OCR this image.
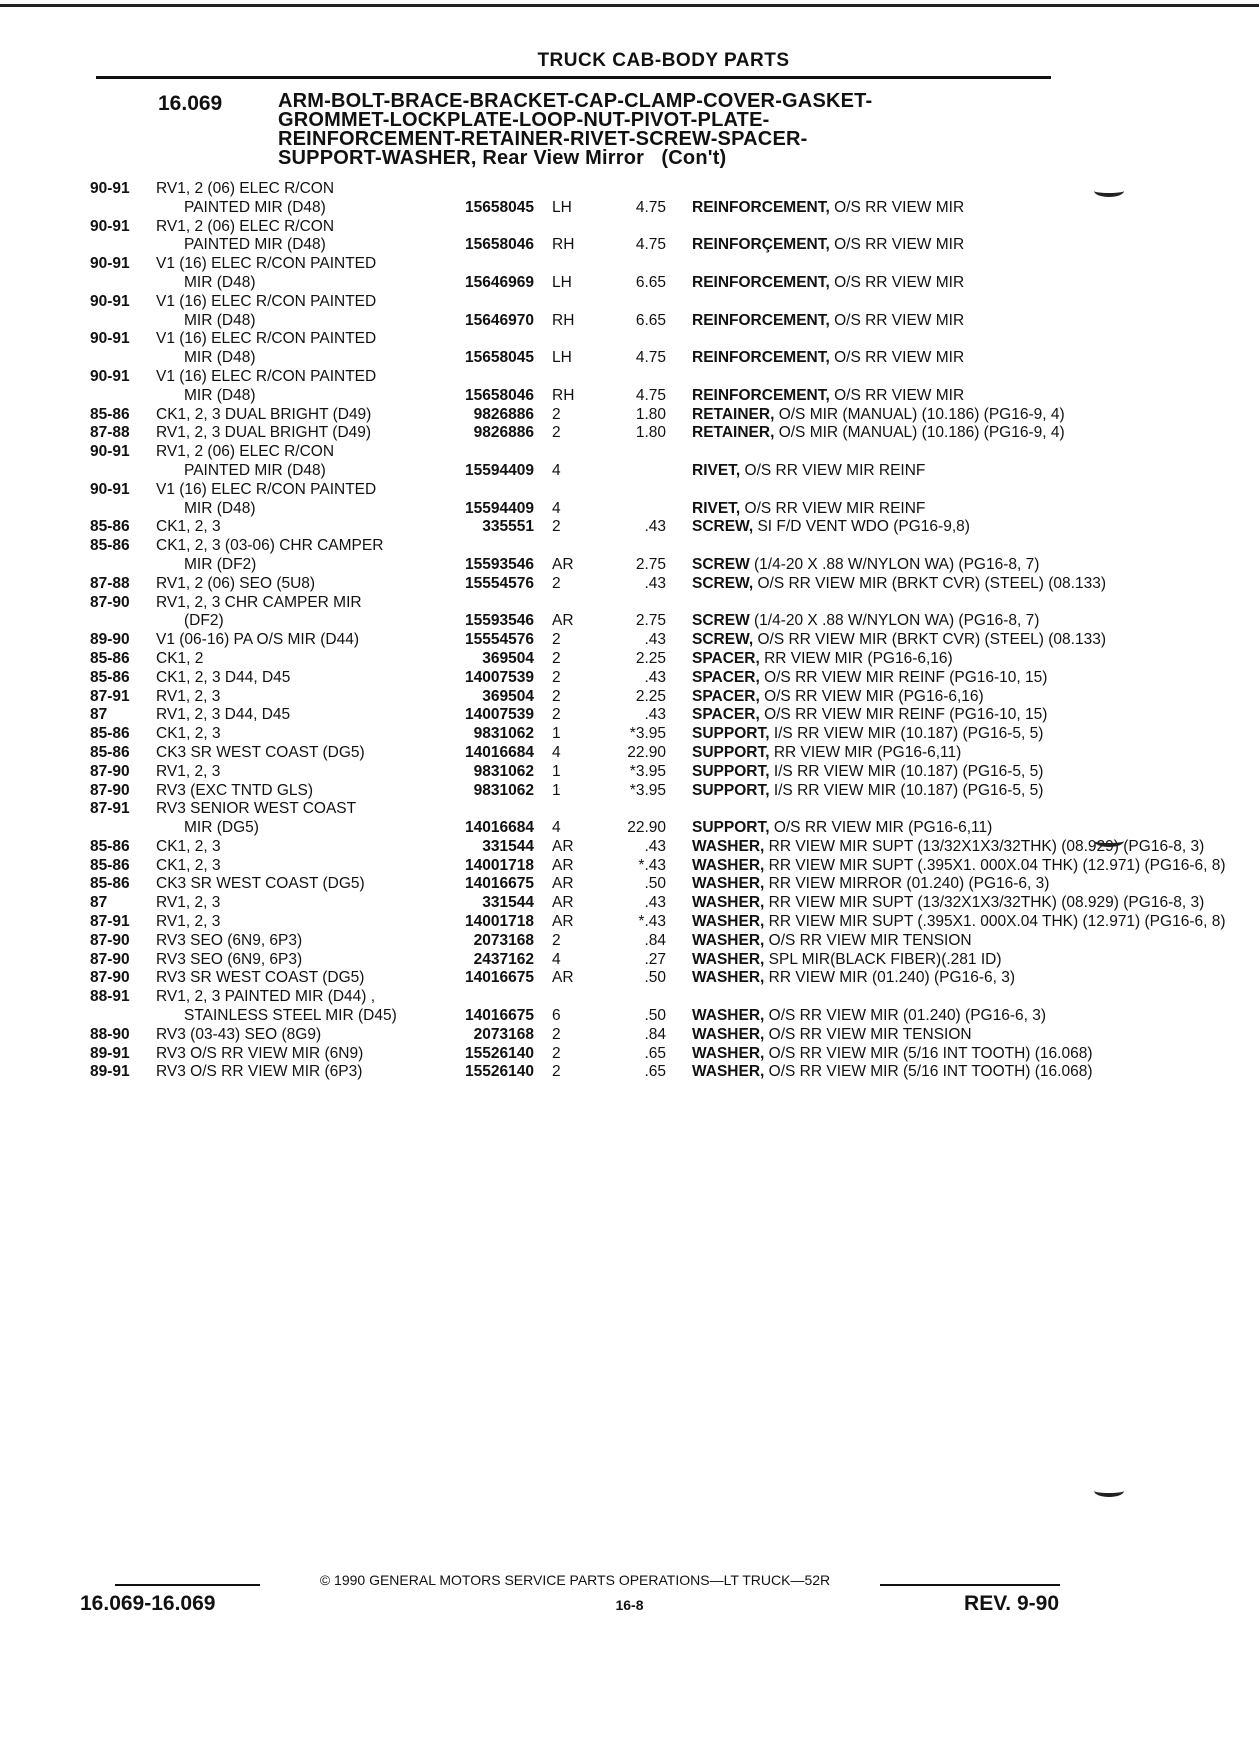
TRUCK CAB-BODY PARTS
16.069	ARM-BOLT-BRACE-BRACKET-CAP-CLAMP-COVER-GASKET-
GROMMET-LOCKPLATE-LOOP-NUT-PIVOT-PLATE-
REINFORCEMENT-RETAINER-RIVET-SCREW-SPACER-
SUPPORT-WASHER, Rear View Mirror (Con't)
90-91	RV1, 2 (06) ELEC R/CON
PAINTED MIR (D48)	15658045	LH	4.75	REINFORCEMENT, O/S RR VIEW MIR
90-91	RV1, 2 (06) ELEC R/CON
PAINTED MIR (D48)	15658046	RH	4.75	REINFORÇEMENT, O/S RR VIEW MIR
90-91	V1 (16) ELEC R/CON PAINTED
MIR (D48)	15646969	LH	6.65	REINFORCEMENT, O/S RR VIEW MIR
90-91	V1 (16) ELEC R/CON PAINTED
MIR (D48)	15646970	RH	6.65	REINFORCEMENT, O/S RR VIEW MIR
90-91	V1 (16) ELEC R/CON PAINTED
MIR (D48)	15658045	LH	4.75	REINFORCEMENT, O/S RR VIEW MIR
90-91	V1 (16) ELEC R/CON PAINTED
MIR (D48)	15658046	RH	4.75	REINFORCEMENT, O/S RR VIEW MIR
85-86	CK1, 2, 3 DUAL BRIGHT (D49)	9826886	2	1.80	RETAINER, O/S MIR (MANUAL) (10.186) (PG16-9, 4)
87-88	RV1, 2, 3 DUAL BRIGHT (D49)	9826886	2	1.80	RETAINER, O/S MIR (MANUAL) (10.186) (PG16-9, 4)
90-91	RV1, 2 (06) ELEC R/CON
PAINTED MIR (D48)	15594409	4		RIVET, O/S RR VIEW MIR REINF
90-91	V1 (16) ELEC R/CON PAINTED
MIR (D48)	15594409	4		RIVET, O/S RR VIEW MIR REINF
85-86	CK1, 2, 3	335551	2	.43	SCREW, SI F/D VENT WDO (PG16-9,8)
85-86	CK1, 2, 3 (03-06) CHR CAMPER
MIR (DF2)	15593546	AR	2.75	SCREW (1/4-20 X .88 W/NYLON WA) (PG16-8, 7)
87-88	RV1, 2 (06) SEO (5U8)	15554576	2	.43	SCREW, O/S RR VIEW MIR (BRKT CVR) (STEEL) (08.133)
87-90	RV1, 2, 3 CHR CAMPER MIR
(DF2)	15593546	AR	2.75	SCREW (1/4-20 X .88 W/NYLON WA) (PG16-8, 7)
89-90	V1 (06-16) PA O/S MIR (D44)	15554576	2	.43	SCREW, O/S RR VIEW MIR (BRKT CVR) (STEEL) (08.133)
85-86	CK1, 2	369504	2	2.25	SPACER, RR VIEW MIR (PG16-6,16)
85-86	CK1, 2, 3 D44, D45	14007539	2	.43	SPACER, O/S RR VIEW MIR REINF (PG16-10, 15)
87-91	RV1, 2, 3	369504	2	2.25	SPACER, O/S RR VIEW MIR (PG16-6,16)
87	RV1, 2, 3 D44, D45	14007539	2	.43	SPACER, O/S RR VIEW MIR REINF (PG16-10, 15)
85-86	CK1, 2, 3	9831062	1	*3.95	SUPPORT, I/S RR VIEW MIR (10.187) (PG16-5, 5)
85-86	CK3 SR WEST COAST (DG5)	14016684	4	22.90	SUPPORT, RR VIEW MIR (PG16-6,11)
87-90	RV1, 2, 3	9831062	1	*3.95	SUPPORT, I/S RR VIEW MIR (10.187) (PG16-5, 5)
87-90	RV3 (EXC TNTD GLS)	9831062	1	*3.95	SUPPORT, I/S RR VIEW MIR (10.187) (PG16-5, 5)
87-91	RV3 SENIOR WEST COAST
MIR (DG5)	14016684	4	22.90	SUPPORT, O/S RR VIEW MIR (PG16-6,11)
85-86	CK1, 2, 3	331544	AR	.43	WASHER, RR VIEW MIR SUPT (13/32X1X3/32THK) (08.929) (PG16-8, 3)
85-86	CK1, 2, 3	14001718	AR	*.43	WASHER, RR VIEW MIR SUPT (.395X1. 000X.04 THK) (12.971) (PG16-6, 8)
85-86	CK3 SR WEST COAST (DG5)	14016675	AR	.50	WASHER, RR VIEW MIRROR (01.240) (PG16-6, 3)
87	RV1, 2, 3	331544	AR	.43	WASHER, RR VIEW MIR SUPT (13/32X1X3/32THK) (08.929) (PG16-8, 3)
87-91	RV1, 2, 3	14001718	AR	*.43	WASHER, RR VIEW MIR SUPT (.395X1. 000X.04 THK) (12.971) (PG16-6, 8)
87-90	RV3 SEO (6N9, 6P3)	2073168	2	.84	WASHER, O/S RR VIEW MIR TENSION
87-90	RV3 SEO (6N9, 6P3)	2437162	4	.27	WASHER, SPL MIR(BLACK FIBER)(.281 ID)
87-90	RV3 SR WEST COAST (DG5)	14016675	AR	.50	WASHER, RR VIEW MIR (01.240) (PG16-6, 3)
88-91	RV1, 2, 3 PAINTED MIR (D44) ,
STAINLESS STEEL MIR (D45)	14016675	6	.50	WASHER, O/S RR VIEW MIR (01.240) (PG16-6, 3)
88-90	RV3 (03-43) SEO (8G9)	2073168	2	.84	WASHER, O/S RR VIEW MIR TENSION
89-91	RV3 O/S RR VIEW MIR (6N9)	15526140	2	.65	WASHER, O/S RR VIEW MIR (5/16 INT TOOTH) (16.068)
89-91	RV3 O/S RR VIEW MIR (6P3)	15526140	2	.65	WASHER, O/S RR VIEW MIR (5/16 INT TOOTH) (16.068)
© 1990 GENERAL MOTORS SERVICE PARTS OPERATIONS—LT TRUCK—52R
16.069-16.069	16-8	REV. 9-90
